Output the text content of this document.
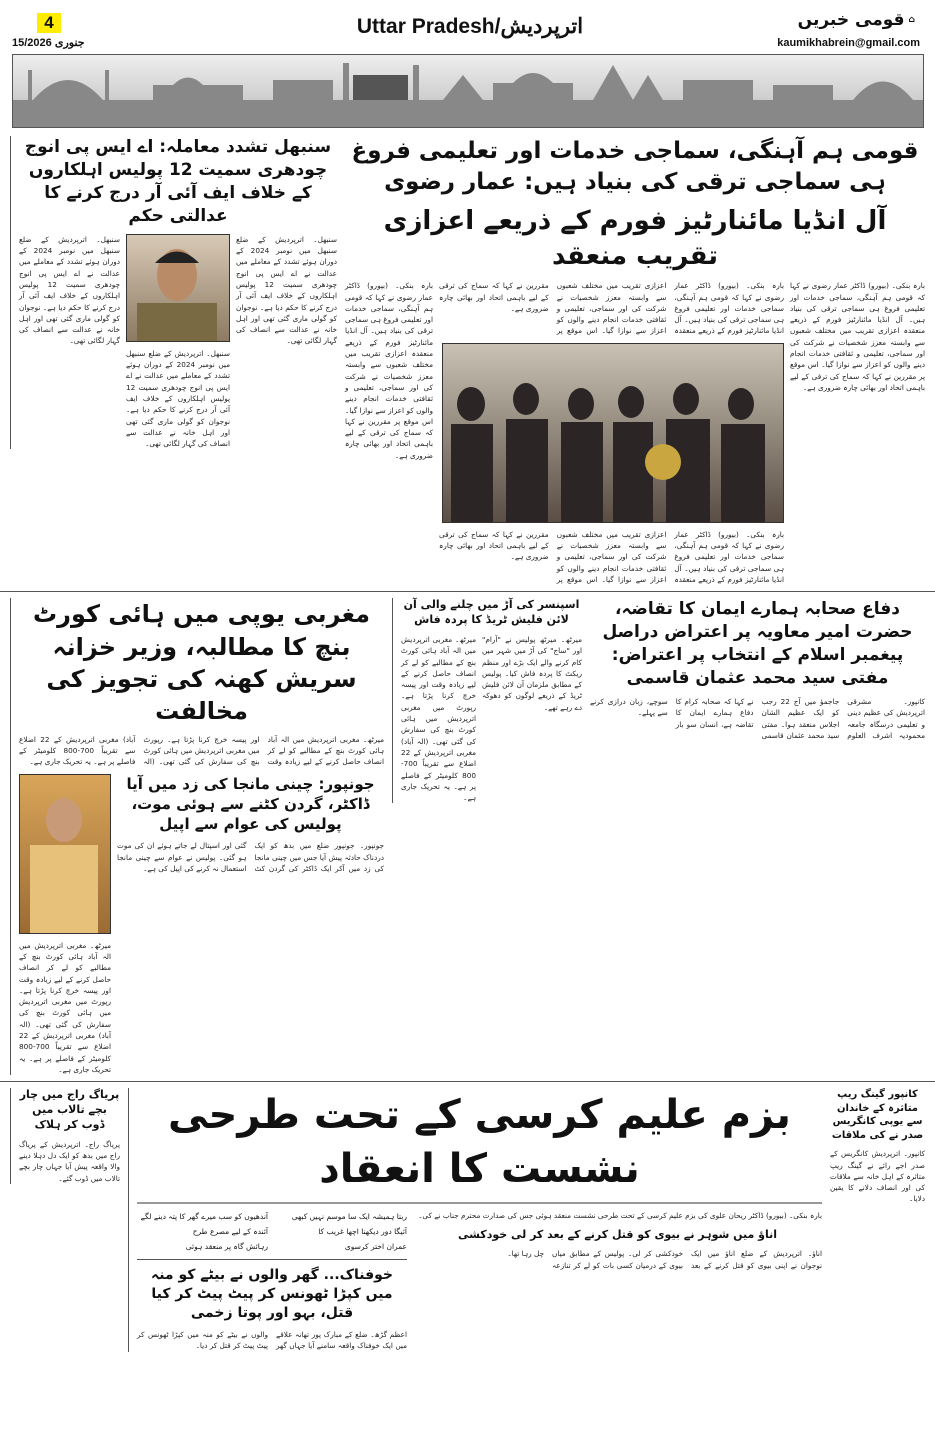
4
15/جنوری 2026
Uttar Pradesh/اترپردیش	قومی خبریں ⌂
kaumikhabrein@gmail.com
قومی ہم آہنگی، سماجی خدمات اور تعلیمی فروغ ہی سماجی ترقی کی بنیاد ہیں: عمار رضوی
آل انڈیا مائنارٹیز فورم کے ذریعے اعزازی تقریب منعقد
بارہ بنکی۔ (بیورو) ڈاکٹر عمار رضوی نے کہا کہ قومی ہم آہنگی، سماجی خدمات اور تعلیمی فروغ ہی سماجی ترقی کی بنیاد ہیں۔ آل انڈیا مائنارٹیز فورم کے ذریعے منعقدہ اعزازی تقریب میں مختلف شعبوں سے وابستہ معزز شخصیات نے شرکت کی اور سماجی، تعلیمی و ثقافتی خدمات انجام دینے والوں کو اعزاز سے نوازا گیا۔ اس موقع پر مقررین نے کہا کہ سماج کی ترقی کے لیے باہمی اتحاد اور بھائی چارہ ضروری ہے۔
بارہ بنکی۔ (بیورو) ڈاکٹر عمار رضوی نے کہا کہ قومی ہم آہنگی، سماجی خدمات اور تعلیمی فروغ ہی سماجی ترقی کی بنیاد ہیں۔ آل انڈیا مائنارٹیز فورم کے ذریعے منعقدہ اعزازی تقریب میں مختلف شعبوں سے وابستہ معزز شخصیات نے شرکت کی اور سماجی، تعلیمی و ثقافتی خدمات انجام دینے والوں کو اعزاز سے نوازا گیا۔ اس موقع پر مقررین نے کہا کہ سماج کی ترقی کے لیے باہمی اتحاد اور بھائی چارہ ضروری ہے۔
بارہ بنکی۔ (بیورو) ڈاکٹر عمار رضوی نے کہا کہ قومی ہم آہنگی، سماجی خدمات اور تعلیمی فروغ ہی سماجی ترقی کی بنیاد ہیں۔ آل انڈیا مائنارٹیز فورم کے ذریعے منعقدہ اعزازی تقریب میں مختلف شعبوں سے وابستہ معزز شخصیات نے شرکت کی اور سماجی، تعلیمی و ثقافتی خدمات انجام دینے والوں کو اعزاز سے نوازا گیا۔ اس موقع پر مقررین نے کہا کہ سماج کی ترقی کے لیے باہمی اتحاد اور بھائی چارہ ضروری ہے۔
بارہ بنکی۔ (بیورو) ڈاکٹر عمار رضوی نے کہا کہ قومی ہم آہنگی، سماجی خدمات اور تعلیمی فروغ ہی سماجی ترقی کی بنیاد ہیں۔ آل انڈیا مائنارٹیز فورم کے ذریعے منعقدہ اعزازی تقریب میں مختلف شعبوں سے وابستہ معزز شخصیات نے شرکت کی اور سماجی، تعلیمی و ثقافتی خدمات انجام دینے والوں کو اعزاز سے نوازا گیا۔ اس موقع پر مقررین نے کہا کہ سماج کی ترقی کے لیے باہمی اتحاد اور بھائی چارہ ضروری ہے۔
سنبھل تشدد معاملہ: اے ایس پی انوج چودھری سمیت 12 پولیس اہلکاروں کے خلاف ایف آئی آر درج کرنے کا عدالتی حکم
سنبھل۔ اترپردیش کے ضلع سنبھل میں نومبر 2024 کے دوران ہوئے تشدد کے معاملے میں عدالت نے اے ایس پی انوج چودھری سمیت 12 پولیس اہلکاروں کے خلاف ایف آئی آر درج کرنے کا حکم دیا ہے۔ نوجوان کو گولی ماری گئی تھی اور اہل خانہ نے عدالت سے انصاف کی گہار لگائی تھی۔
سنبھل۔ اترپردیش کے ضلع سنبھل میں نومبر 2024 کے دوران ہوئے تشدد کے معاملے میں عدالت نے اے ایس پی انوج چودھری سمیت 12 پولیس اہلکاروں کے خلاف ایف آئی آر درج کرنے کا حکم دیا ہے۔ نوجوان کو گولی ماری گئی تھی اور اہل خانہ نے عدالت سے انصاف کی گہار لگائی تھی۔
سنبھل۔ اترپردیش کے ضلع سنبھل میں نومبر 2024 کے دوران ہوئے تشدد کے معاملے میں عدالت نے اے ایس پی انوج چودھری سمیت 12 پولیس اہلکاروں کے خلاف ایف آئی آر درج کرنے کا حکم دیا ہے۔ نوجوان کو گولی ماری گئی تھی اور اہل خانہ نے عدالت سے انصاف کی گہار لگائی تھی۔
دفاع صحابہ ہمارے ایمان کا تقاضہ، حضرت امیر معاویہ پر اعتراض دراصل پیغمبر اسلام کے انتخاب پر اعتراض: مفتی سید محمد عثمان قاسمی
کانپور۔ مشرقی اترپردیش کی عظیم دینی و تعلیمی درسگاہ جامعہ محمودیہ اشرف العلوم جاجمؤ میں آج 22 رجب کو ایک عظیم الشان اجلاس منعقد ہوا۔ مفتی سید محمد عثمان قاسمی نے کہا کہ صحابہ کرام کا دفاع ہمارے ایمان کا تقاضہ ہے، انسان سو بار سوچے، زبان درازی کرنے سے پہلے۔
اسپنسر کی آڑ میں چلنے والی آن لائن فلیش ٹریڈ کا پردہ فاش
میرٹھ۔ میرٹھ پولیس نے "آرام" اور "ساج" کی آڑ میں شہر میں کام کرنے والے ایک بڑے اور منظم ریکٹ کا پردہ فاش کیا۔ پولیس کے مطابق ملزمان آن لائن فلیش ٹریڈ کے ذریعے لوگوں کو دھوکہ دے رہے تھے۔
میرٹھ۔ مغربی اترپردیش میں الہ آباد ہائی کورٹ بنچ کے مطالبے کو لے کر انصاف حاصل کرنے کے لیے زیادہ وقت اور پیسہ خرچ کرنا پڑتا ہے۔ رپورٹ میں مغربی اترپردیش میں ہائی کورٹ بنچ کی سفارش کی گئی تھی۔ (الہ آباد) مغربی اترپردیش کے 22 اضلاع سے تقریباً 700-800 کلومیٹر کے فاصلے پر ہے۔ یہ تحریک جاری ہے۔
مغربی یوپی میں ہائی کورٹ بنچ کا مطالبہ، وزیر خزانہ سریش کھنہ کی تجویز کی مخالفت
میرٹھ۔ مغربی اترپردیش میں الہ آباد ہائی کورٹ بنچ کے مطالبے کو لے کر انصاف حاصل کرنے کے لیے زیادہ وقت اور پیسہ خرچ کرنا پڑتا ہے۔ رپورٹ میں مغربی اترپردیش میں ہائی کورٹ بنچ کی سفارش کی گئی تھی۔ (الہ آباد) مغربی اترپردیش کے 22 اضلاع سے تقریباً 700-800 کلومیٹر کے فاصلے پر ہے۔ یہ تحریک جاری ہے۔
جونپور: چینی مانجا کی زد میں آیا ڈاکٹر، گردن کٹنے سے ہوئی موت، پولیس کی عوام سے اپیل
جونپور۔ جونپور ضلع میں بدھ کو ایک دردناک حادثہ پیش آیا جس میں چینی مانجا کی زد میں آکر ایک ڈاکٹر کی گردن کٹ گئی اور اسپتال لے جاتے ہوئے ان کی موت ہو گئی۔ پولیس نے عوام سے چینی مانجا استعمال نہ کرنے کی اپیل کی ہے۔
میرٹھ۔ مغربی اترپردیش میں الہ آباد ہائی کورٹ بنچ کے مطالبے کو لے کر انصاف حاصل کرنے کے لیے زیادہ وقت اور پیسہ خرچ کرنا پڑتا ہے۔ رپورٹ میں مغربی اترپردیش میں ہائی کورٹ بنچ کی سفارش کی گئی تھی۔ (الہ آباد) مغربی اترپردیش کے 22 اضلاع سے تقریباً 700-800 کلومیٹر کے فاصلے پر ہے۔ یہ تحریک جاری ہے۔
کانپور گینگ ریپ متاثرہ کے خاندان سے یوپی کانگریس صدر نے کی ملاقات
کانپور۔ اترپردیش کانگریس کے صدر اجے رائے نے گینگ ریپ متاثرہ کے اہل خانہ سے ملاقات کی اور انصاف دلانے کا یقین دلایا۔
بزم علیم کرسی کے تحت طرحی نشست کا انعقاد
بارہ بنکی۔ (بیورو) ڈاکٹر ریحان علوی کی بزم علیم کرسی کے تحت طرحی نشست منعقد ہوئی جس کی صدارت محترم جناب نے کی۔
اناؤ میں شوہر نے بیوی کو قتل کرنے کے بعد کر لی خودکشی
اناؤ۔ اترپردیش کے ضلع اناؤ میں ایک نوجوان نے اپنی بیوی کو قتل کرنے کے بعد خودکشی کر لی۔ پولیس کے مطابق میاں بیوی کے درمیان کسی بات کو لے کر تنازعہ چل رہا تھا۔
ربتا ہمیشہ ایک سا موسم نہیں کبھی
آندھیوں کو سب میرے گھر کا پتہ دینے لگے
آئیگا دور دیکھنا اچھا غریب کا
آئندہ کے لیے مصرع طرح
عمران اختر کرسوی
رہائش گاہ پر منعقد ہوئی
خوفناک... گھر والوں نے بیٹے کو منہ میں کپڑا ٹھونس کر پیٹ پیٹ کر کیا قتل، بہو اور پوتا زخمی
اعظم گڑھ۔ ضلع کے مبارک پور تھانہ علاقے میں ایک خوفناک واقعہ سامنے آیا جہاں گھر والوں نے بیٹے کو منہ میں کپڑا ٹھونس کر پیٹ پیٹ کر قتل کر دیا۔
پریاگ راج میں چار بچے تالاب میں ڈوب کر ہلاک
پریاگ راج۔ اترپردیش کے پریاگ راج میں بدھ کو ایک دل دہلا دینے والا واقعہ پیش آیا جہاں چار بچے تالاب میں ڈوب گئے۔
